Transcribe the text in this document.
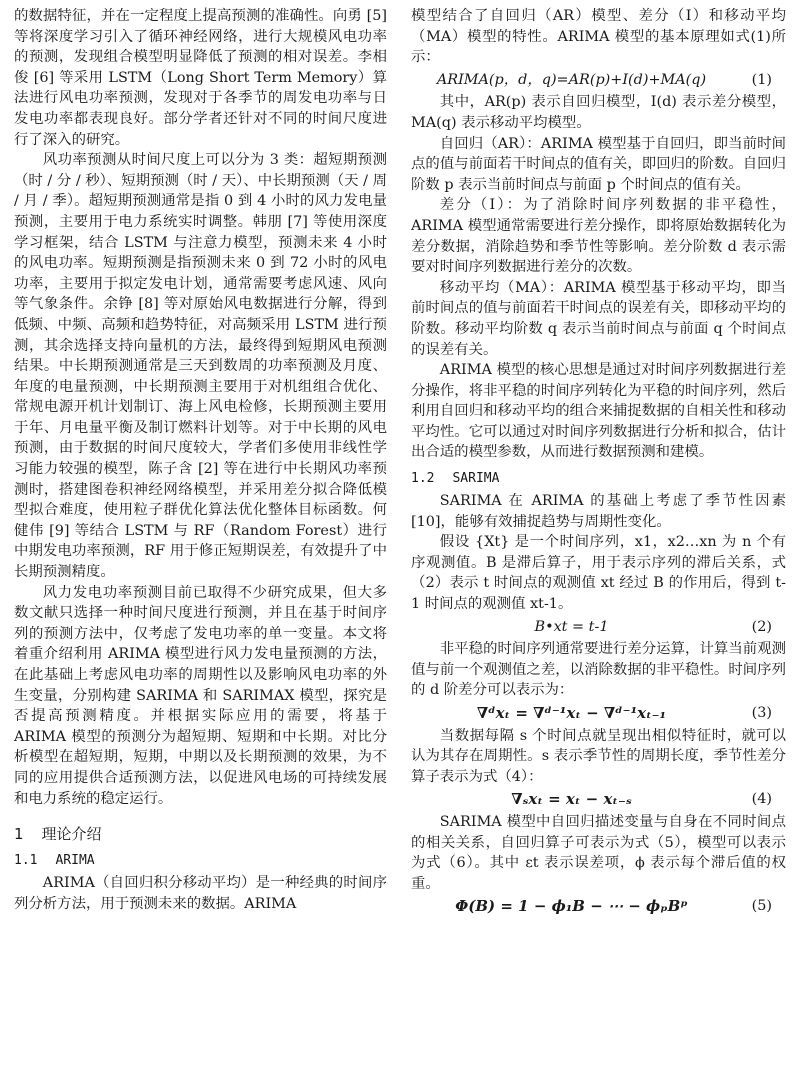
的数据特征，并在一定程度上提高预测的准确性。向勇 [5] 等将深度学习引入了循环神经网络，进行大规模风电功率的预测，发现组合模型明显降低了预测的相对误差。李相俊 [6] 等采用 LSTM（Long Short Term Memory）算法进行风电功率预测，发现对于各季节的周发电功率与日发电功率都表现良好。部分学者还针对不同的时间尺度进行了深入的研究。

风功率预测从时间尺度上可以分为 3 类：超短期预测（时 / 分 / 秒）、短期预测（时 / 天）、中长期预测（天 / 周 / 月 / 季）。超短期预测通常是指 0 到 4 小时的风力发电量预测，主要用于电力系统实时调整。韩朋 [7] 等使用深度学习框架，结合 LSTM 与注意力模型，预测未来 4 小时的风电功率。短期预测是指预测未来 0 到 72 小时的风电功率，主要用于拟定发电计划，通常需要考虑风速、风向等气象条件。余铮 [8] 等对原始风电数据进行分解，得到低频、中频、高频和趋势特征，对高频采用 LSTM 进行预测，其余选择支持向量机的方法，最终得到短期风电预测结果。中长期预测通常是三天到数周的功率预测及月度、年度的电量预测，中长期预测主要用于对机组组合优化、常规电源开机计划制订、海上风电检修，长期预测主要用于年、月电量平衡及制订燃料计划等。对于中长期的风电预测，由于数据的时间尺度较大，学者们多使用非线性学习能力较强的模型，陈子含 [2] 等在进行中长期风功率预测时，搭建图卷积神经网络模型，并采用差分拟合降低模型拟合难度，使用粒子群优化算法优化整体目标函数。何健伟 [9] 等结合 LSTM 与 RF（Random Forest）进行中期发电功率预测，RF 用于修正短期误差，有效提升了中长期预测精度。

风力发电功率预测目前已取得不少研究成果，但大多数文献只选择一种时间尺度进行预测，并且在基于时间序列的预测方法中，仅考虑了发电功率的单一变量。本文将着重介绍利用 ARIMA 模型进行风力发电量预测的方法，在此基础上考虑风电功率的周期性以及影响风电功率的外生变量，分别构建 SARIMA 和 SARIMAX 模型，探究是否提高预测精度。并根据实际应用的需要，将基于 ARIMA 模型的预测分为超短期、短期和中长期。对比分析模型在超短期，短期，中期以及长期预测的效果，为不同的应用提供合适预测方法，以促进风电场的可持续发展和电力系统的稳定运行。

1 理论介绍
1.1 ARIMA

ARIMA（自回归积分移动平均）是一种经典的时间序列分析方法，用于预测未来的数据。ARIMA

模型结合了自回归（AR）模型、差分（I）和移动平均（MA）模型的特性。ARIMA 模型的基本原理如式(1)所示：

ARIMA(p，d，q)=AR(p)+I(d)+MA(q)	(1)

其中，AR(p) 表示自回归模型，I(d) 表示差分模型，MA(q) 表示移动平均模型。

自回归（AR）：ARIMA 模型基于自回归，即当前时间点的值与前面若干时间点的值有关，即回归的阶数。自回归阶数 p 表示当前时间点与前面 p 个时间点的值有关。

差分（I）：为了消除时间序列数据的非平稳性，ARIMA 模型通常需要进行差分操作，即将原始数据转化为差分数据，消除趋势和季节性等影响。差分阶数 d 表示需要对时间序列数据进行差分的次数。

移动平均（MA）：ARIMA 模型基于移动平均，即当前时间点的值与前面若干时间点的误差有关，即移动平均的阶数。移动平均阶数 q 表示当前时间点与前面 q 个时间点的误差有关。

ARIMA 模型的核心思想是通过对时间序列数据进行差分操作，将非平稳的时间序列转化为平稳的时间序列，然后利用自回归和移动平均的组合来捕捉数据的自相关性和移动平均性。它可以通过对时间序列数据进行分析和拟合，估计出合适的模型参数，从而进行数据预测和建模。

1.2 SARIMA

SARIMA 在 ARIMA 的基础上考虑了季节性因素 [10]，能够有效捕捉趋势与周期性变化。

假设 {Xt} 是一个时间序列，x1，x2…xn 为 n 个有序观测值。B 是滞后算子，用于表示序列的滞后关系，式（2）表示 t 时间点的观测值 xt 经过 B 的作用后，得到 t-1 时间点的观测值 xt-1。

B•xt = t-1	(2)

非平稳的时间序列通常要进行差分运算，计算当前观测值与前一个观测值之差，以消除数据的非平稳性。时间序列的 d 阶差分可以表示为：

∇ᵈxₜ = ∇ᵈ⁻¹xₜ − ∇ᵈ⁻¹xₜ₋₁	(3)

当数据每隔 s 个时间点就呈现出相似特征时，就可以认为其存在周期性。s 表示季节性的周期长度，季节性差分算子表示为式（4）：

∇ₛxₜ = xₜ − xₜ₋ₛ	(4)

SARIMA 模型中自回归描述变量与自身在不同时间点的相关关系，自回归算子可表示为式（5），模型可以表示为式（6）。其中 εt 表示误差项，ϕ 表示每个滞后值的权重。

Φ(B) = 1 − ϕ₁B − ⋯ − ϕₚBᵖ	(5)
